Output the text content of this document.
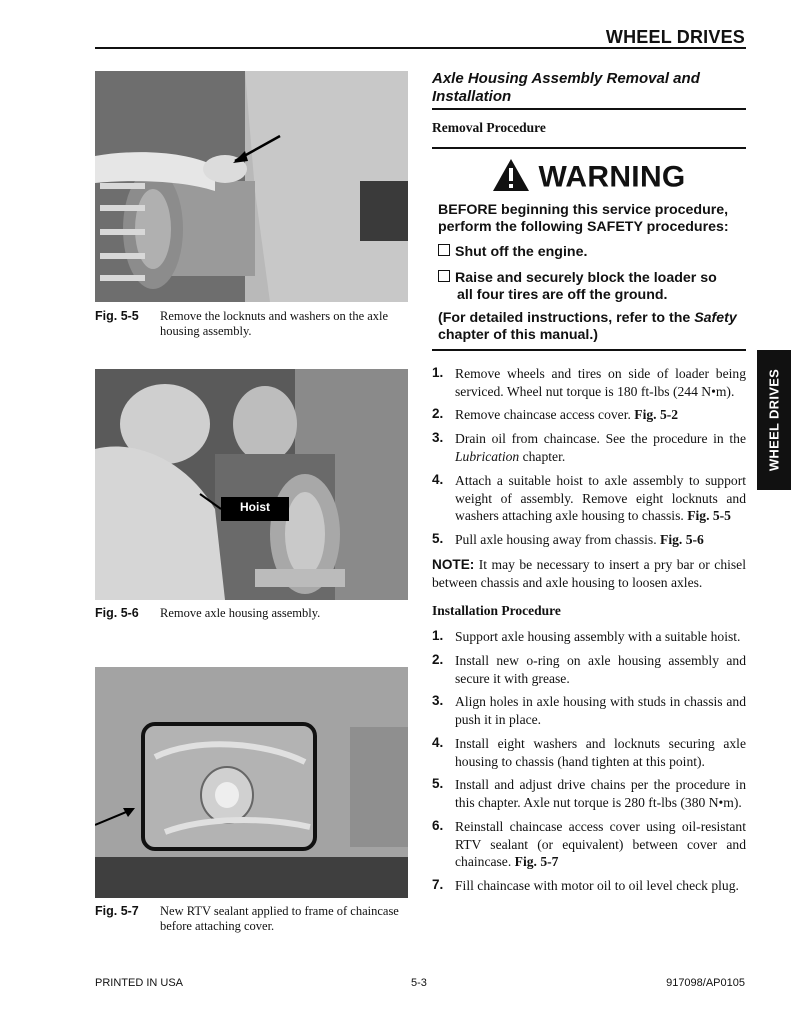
WHEEL DRIVES
WHEEL DRIVES
Fig. 5-5 Remove the locknuts and washers on the axle
housing assembly.
Hoist
Fig. 5-6 Remove axle housing assembly.
Fig. 5-7 New RTV sealant applied to frame of chaincase
before attaching cover.
Axle Housing Assembly Removal and
Installation
Removal Procedure
WARNING
BEFORE beginning this service procedure,
perform the following SAFETY procedures:
Shut off the engine.
Raise and securely block the loader so
all four tires are off the ground.
(For detailed instructions, refer to the Safety
chapter of this manual.)
1. Remove wheels and tires on side of loader being serviced. Wheel nut torque is 180 ft-lbs (244 N•m).
2. Remove chaincase access cover. Fig. 5-2
3. Drain oil from chaincase. See the procedure in the Lubrication chapter.
4. Attach a suitable hoist to axle assembly to support weight of assembly. Remove eight locknuts and washers attaching axle housing to chassis. Fig. 5-5
5. Pull axle housing away from chassis. Fig. 5-6
NOTE: It may be necessary to insert a pry bar or chisel between chassis and axle housing to loosen axles.
Installation Procedure
1. Support axle housing assembly with a suitable hoist.
2. Install new o-ring on axle housing assembly and secure it with grease.
3. Align holes in axle housing with studs in chassis and push it in place.
4. Install eight washers and locknuts securing axle housing to chassis (hand tighten at this point).
5. Install and adjust drive chains per the procedure in this chapter. Axle nut torque is 280 ft-lbs (380 N•m).
6. Reinstall chaincase access cover using oil-resistant RTV sealant (or equivalent) between cover and chaincase. Fig. 5-7
7. Fill chaincase with motor oil to oil level check plug.
PRINTED IN USA	5-3	917098/AP0105
